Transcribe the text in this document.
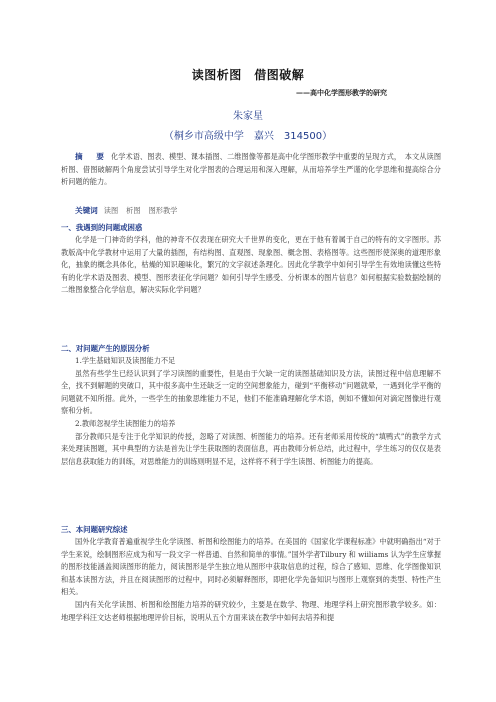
读图析图　借图破解
——高中化学图形教学的研究
朱家星
（桐乡市高级中学　嘉兴　314500）

摘　要 化学术语、图表、模型、课本插图、二维图像等都是高中化学图形教学中重要的呈现方式，　本文从读图析图、借图破解两个角度尝试引导学生对化学图表的合理运用和深入理解，从而培养学生严谨的化学思维和提高综合分析问题的能力。

关键词 读图 析图 图形教学

一、我遇到的问题或困惑

化学是一门神奇的学科，他的神奇不仅表现在研究大千世界的变化，更在于他有着属于自己的特有的文字图形。苏教版高中化学教材中运用了大量的插图，有结构图、直观图、现象图、概念图、表格图等。这些图形使深奥的道理形象化，抽象的概念具体化，枯燥的知识趣味化，繁冗的文字叙述条理化。因此化学教学中如何引导学生有效地读懂这些特有的化学术语及图表、模型、图形表征化学问题？如何引导学生感受、分析课本的图片信息？如何根据实验数据绘制的二维图象整合化学信息，解决实际化学问题？

二、对问题产生的原因分析

1.学生基础知识及读图能力不足

虽然有些学生已经认识到了学习读图的重要性，但是由于欠缺一定的读图基础知识及方法，读图过程中信息理解不全，找不到解题的突破口，其中很多高中生还缺乏一定的空间想象能力，碰到“平衡移动”问题就晕，一遇到化学平衡的问题就不知所措。此外，一些学生的抽象思维能力不足，他们不能准确理解化学术语，例如不懂如何对滴定图像进行观察和分析。

2.教师忽视学生读图能力的培养

部分教师只是专注于化学知识的传授，忽略了对读图、析图能力的培养。还有老师采用传统的“填鸭式”的教学方式来处理读图题，其中典型的方法是首先让学生获取图的表面信息，再由教师分析总结，此过程中，学生练习的仅仅是表层信息获取能力的训练，对思维能力的训练则明显不足，这样将不利于学生读图、析图能力的提高。

三、本问题研究综述

国外化学教育普遍重视学生化学读图、析图和绘图能力的培养。在美国的《国家化学课程标准》中就明确指出“对于学生来说，绘制图形应成为和写一段文字一样普通、自然和简单的事情。”国外学者Tilbury 和 wiiliams 认为学生应掌握的图形技能涵盖阅读图形的能力，阅读图形是学生独立地从图形中获取信息的过程，综合了感知、思维、化学图像知识和基本读图方法，并且在阅读图形的过程中，同时必须解释图形，即把化学先备知识与图形上观察到的类型、特性产生相关。

国内有关化学读图、析图和绘图能力培养的研究较少，主要是在数学、物理、地理学科上研究图形教学较多。如：地理学科汪文达老师根据地理评价目标，说明从五个方面来谈在教学中如何去培养和提
